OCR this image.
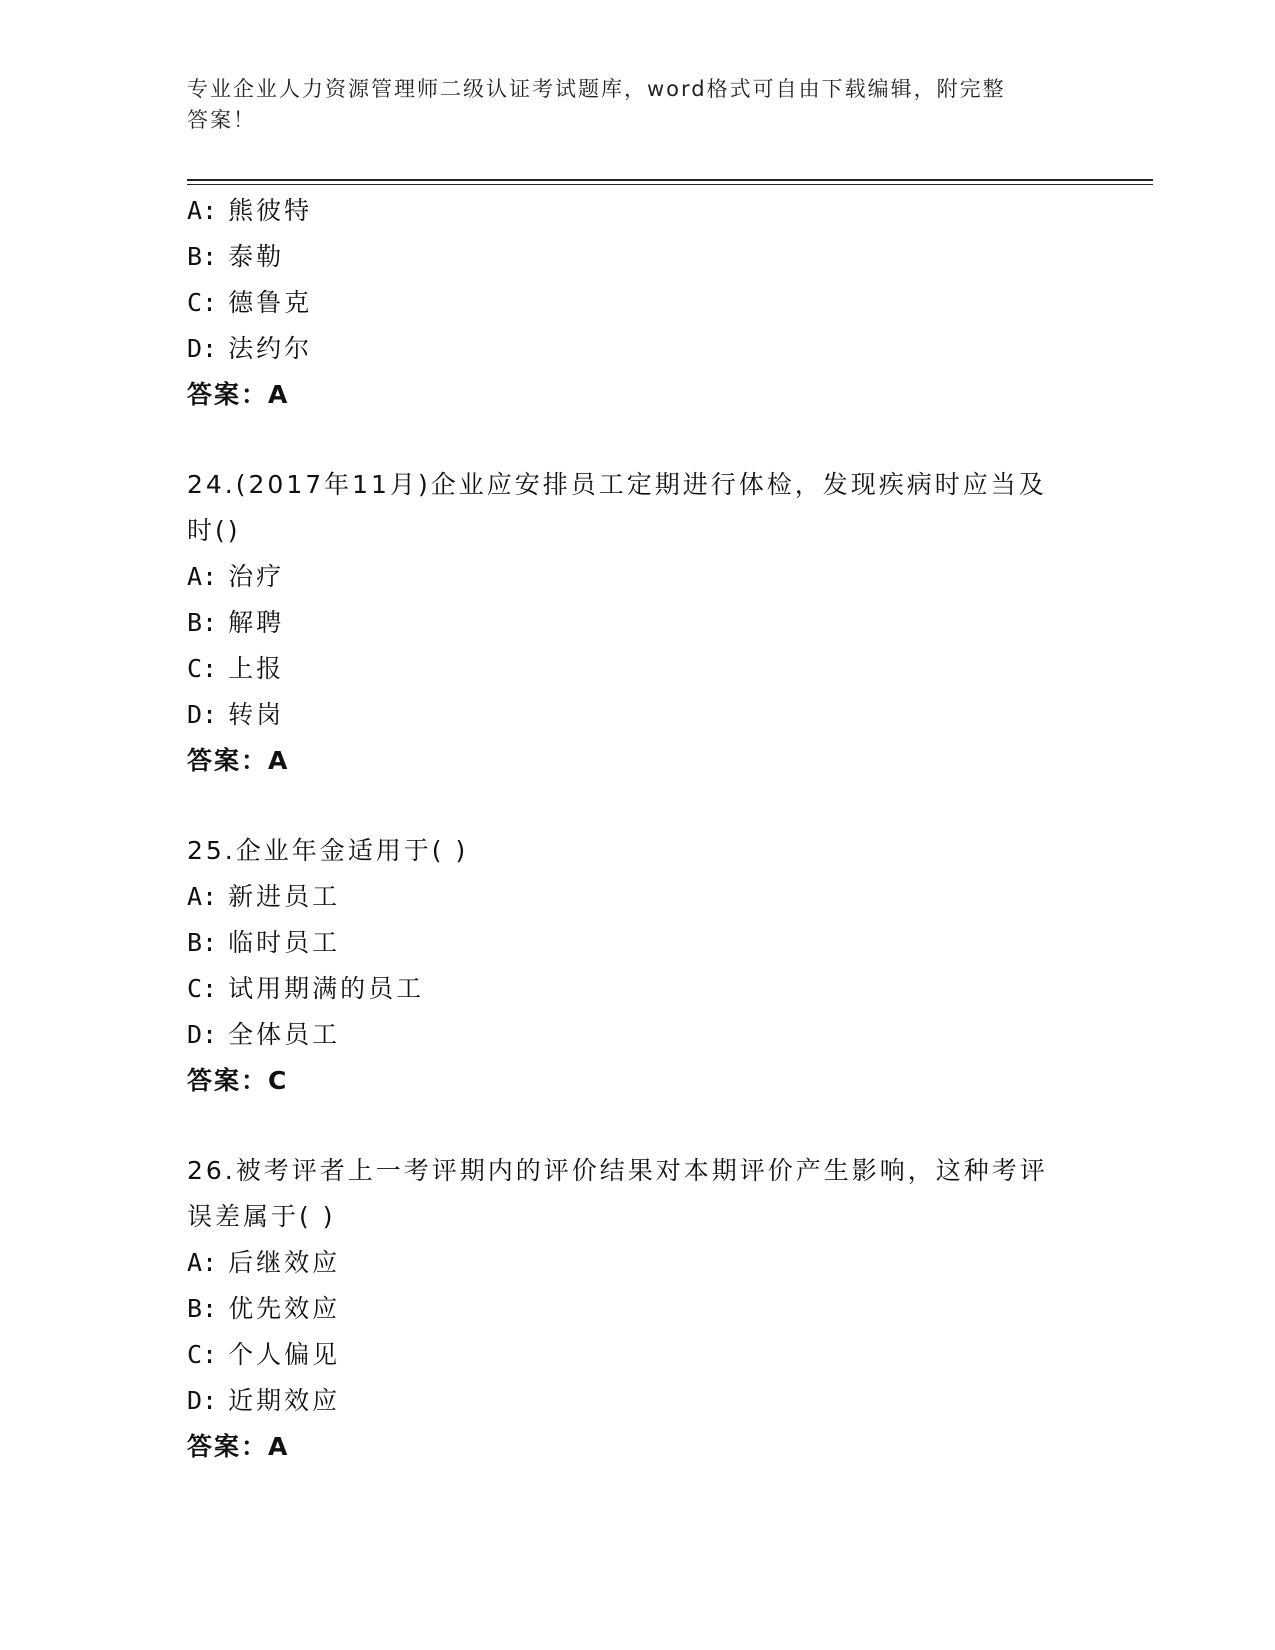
专业企业人力资源管理师二级认证考试题库，word格式可自由下载编辑，附完整
答案！
A: 熊彼特
B: 泰勒
C: 德鲁克
D: 法约尔
答案：A
24.(2017年11月)企业应安排员工定期进行体检，发现疾病时应当及
时()
A: 治疗
B: 解聘
C: 上报
D: 转岗
答案：A
25.企业年金适用于( )
A: 新进员工
B: 临时员工
C: 试用期满的员工
D: 全体员工
答案：C
26.被考评者上一考评期内的评价结果对本期评价产生影响，这种考评
误差属于( )
A: 后继效应
B: 优先效应
C: 个人偏见
D: 近期效应
答案：A
